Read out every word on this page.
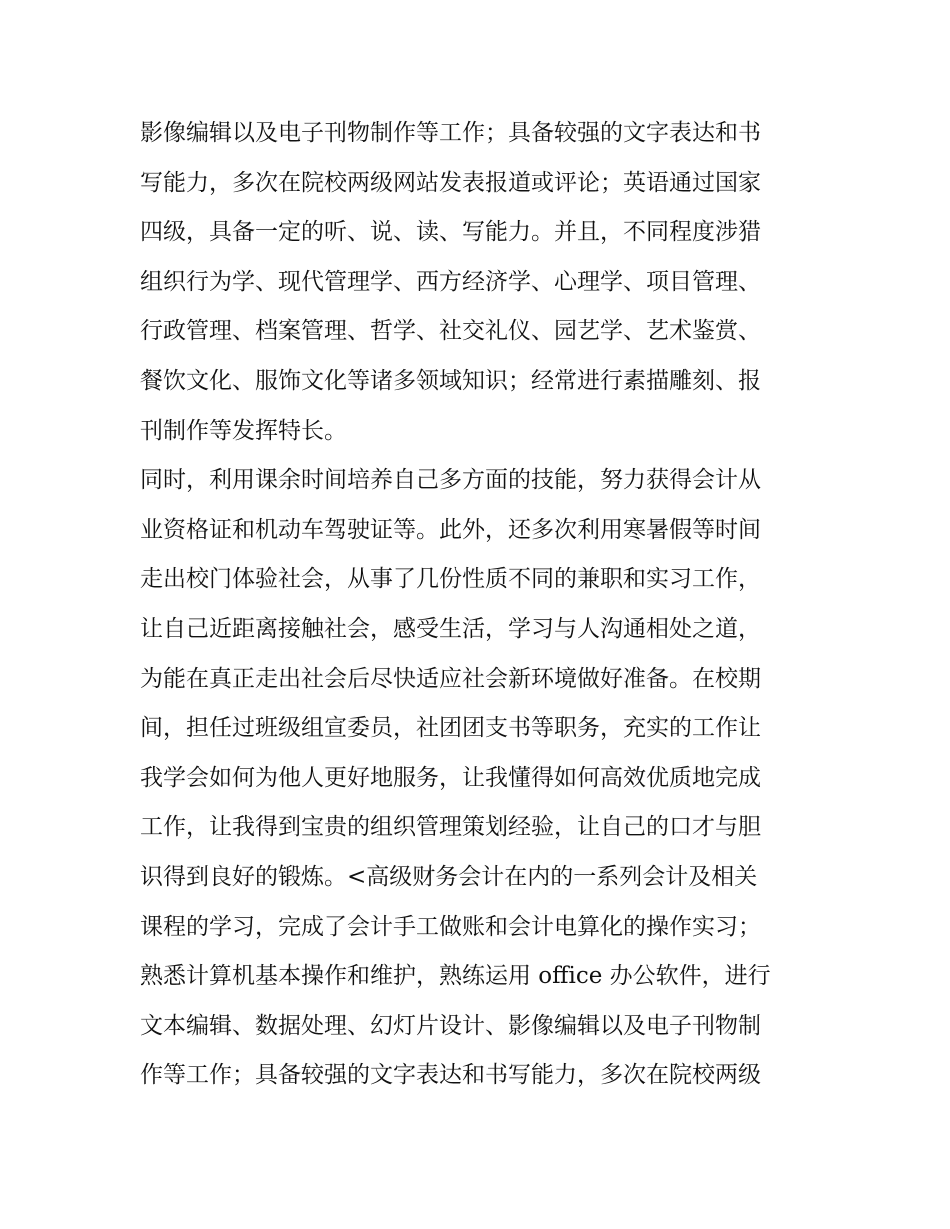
影像编辑以及电子刊物制作等工作；具备较强的文字表达和书
写能力，多次在院校两级网站发表报道或评论；英语通过国家
四级，具备一定的听、说、读、写能力。并且，不同程度涉猎
组织行为学、现代管理学、西方经济学、心理学、项目管理、
行政管理、档案管理、哲学、社交礼仪、园艺学、艺术鉴赏、
餐饮文化、服饰文化等诸多领域知识；经常进行素描雕刻、报
刊制作等发挥特长。
同时，利用课余时间培养自己多方面的技能，努力获得会计从
业资格证和机动车驾驶证等。此外，还多次利用寒暑假等时间
走出校门体验社会，从事了几份性质不同的兼职和实习工作，
让自己近距离接触社会，感受生活，学习与人沟通相处之道，
为能在真正走出社会后尽快适应社会新环境做好准备。在校期
间，担任过班级组宣委员，社团团支书等职务，充实的工作让
我学会如何为他人更好地服务，让我懂得如何高效优质地完成
工作，让我得到宝贵的组织管理策划经验，让自己的口才与胆
识得到良好的锻炼。<高级财务会计在内的一系列会计及相关
课程的学习，完成了会计手工做账和会计电算化的操作实习；
熟悉计算机基本操作和维护，熟练运用 office 办公软件，进行
文本编辑、数据处理、幻灯片设计、影像编辑以及电子刊物制
作等工作；具备较强的文字表达和书写能力，多次在院校两级
